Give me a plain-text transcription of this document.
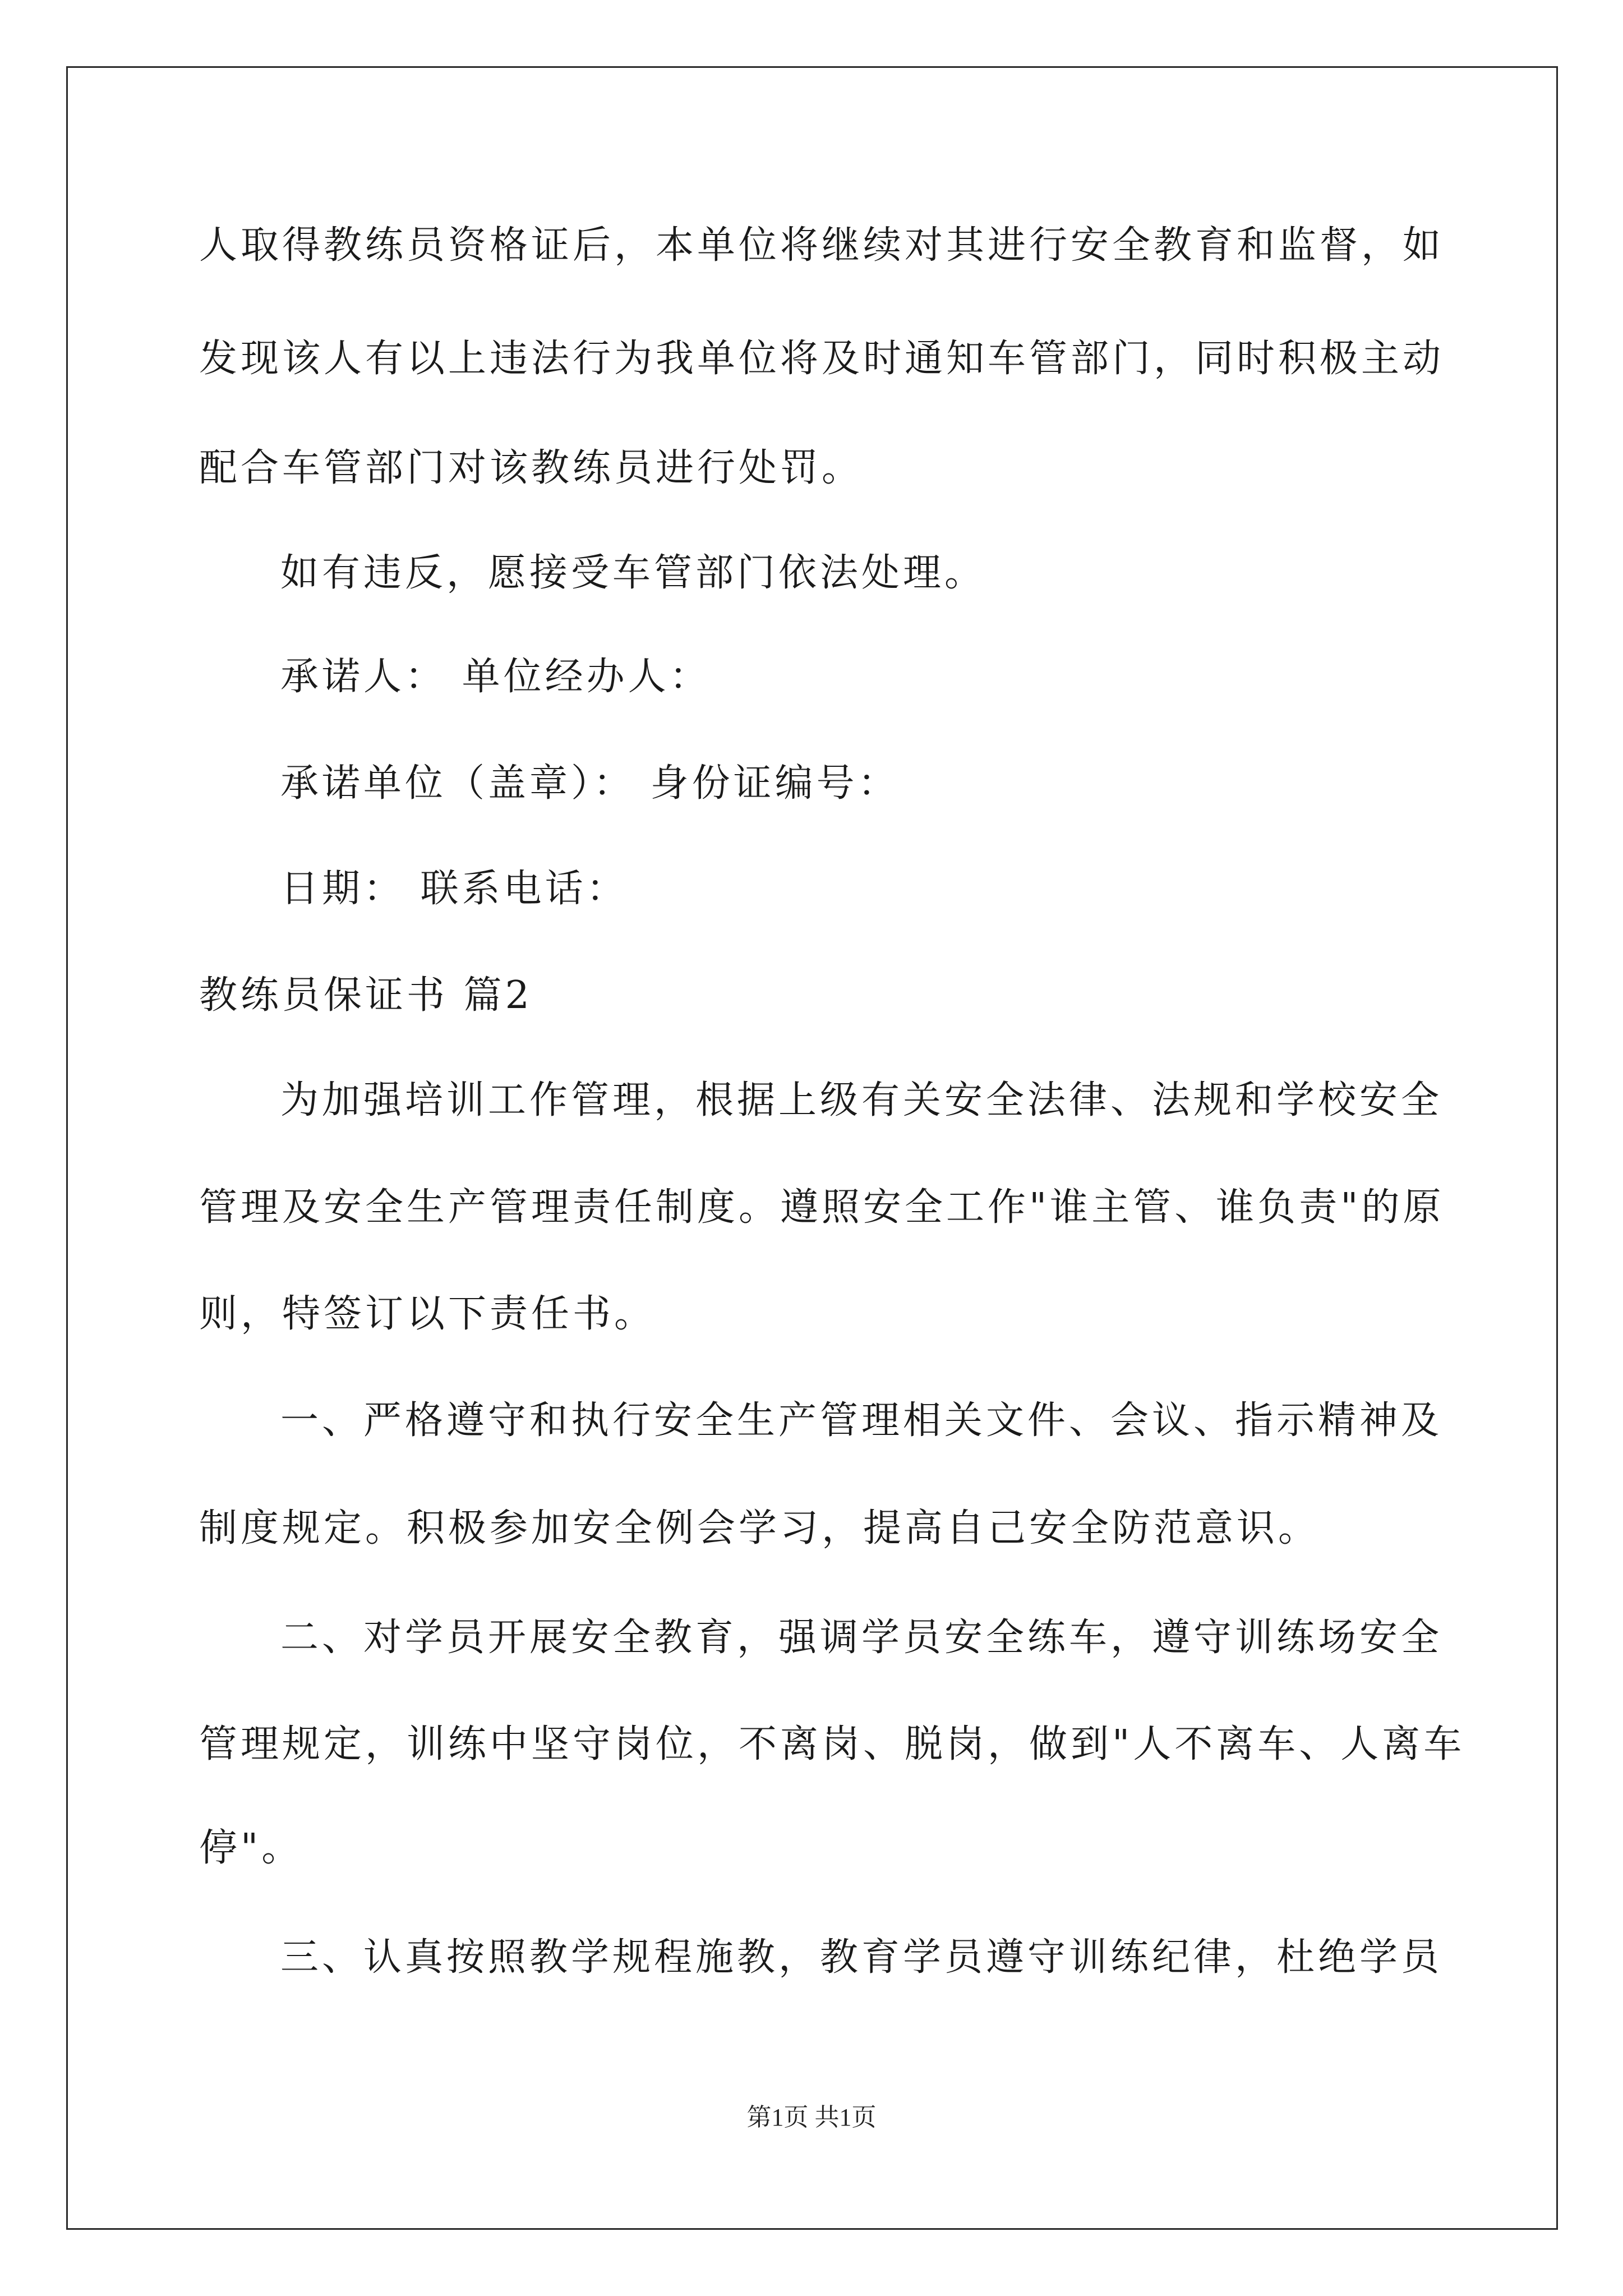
人取得教练员资格证后，本单位将继续对其进行安全教育和监督，如
发现该人有以上违法行为我单位将及时通知车管部门，同时积极主动
配合车管部门对该教练员进行处罚。
如有违反，愿接受车管部门依法处理。
承诺人： 单位经办人：
承诺单位（盖章）： 身份证编号：
日期： 联系电话：
教练员保证书 篇2
为加强培训工作管理，根据上级有关安全法律、法规和学校安全
管理及安全生产管理责任制度。遵照安全工作"谁主管、谁负责"的原
则，特签订以下责任书。
一、严格遵守和执行安全生产管理相关文件、会议、指示精神及
制度规定。积极参加安全例会学习，提高自己安全防范意识。
二、对学员开展安全教育，强调学员安全练车，遵守训练场安全
管理规定，训练中坚守岗位，不离岗、脱岗，做到"人不离车、人离车
停"。
三、认真按照教学规程施教，教育学员遵守训练纪律，杜绝学员
第1页 共1页
